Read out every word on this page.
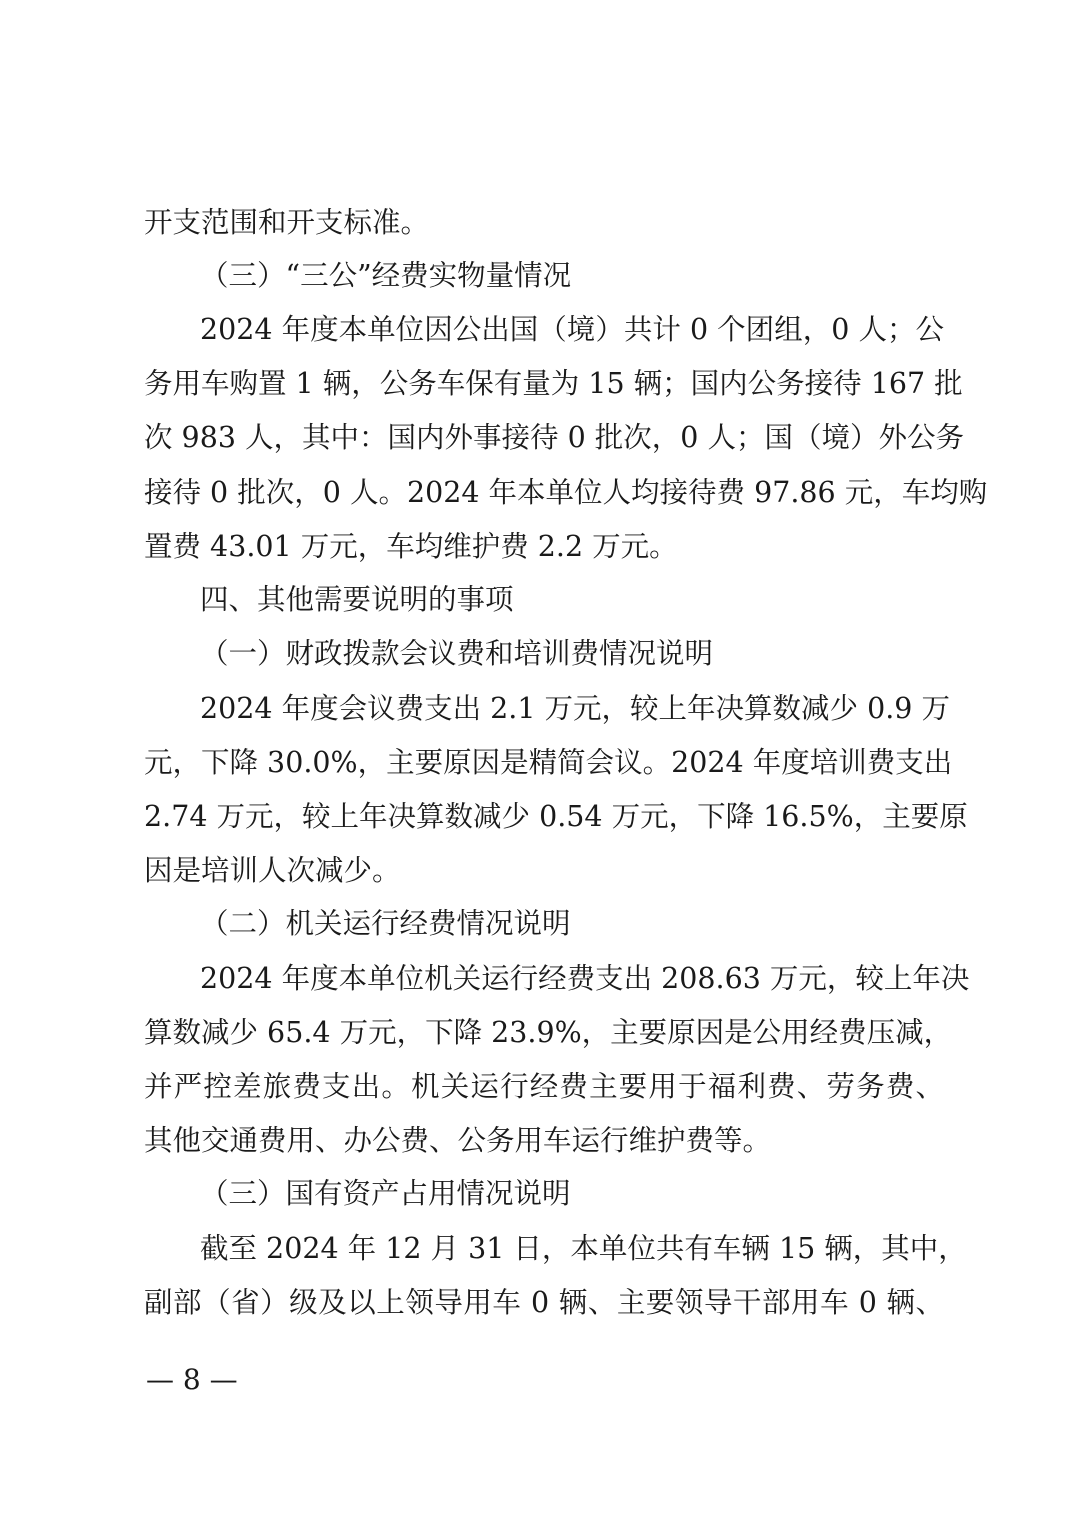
开支范围和开支标准。
（三）“三公”经费实物量情况
2024 年度本单位因公出国（境）共计 0 个团组，0 人；公
务用车购置 1 辆，公务车保有量为 15 辆；国内公务接待 167 批
次 983 人，其中：国内外事接待 0 批次，0 人；国（境）外公务
接待 0 批次，0 人。2024 年本单位人均接待费 97.86 元，车均购
置费 43.01 万元，车均维护费 2.2 万元。
四、其他需要说明的事项
（一）财政拨款会议费和培训费情况说明
2024 年度会议费支出 2.1 万元，较上年决算数减少 0.9 万
元，下降 30.0%，主要原因是精简会议。2024 年度培训费支出
2.74 万元，较上年决算数减少 0.54 万元，下降 16.5%，主要原
因是培训人次减少。
（二）机关运行经费情况说明
2024 年度本单位机关运行经费支出 208.63 万元，较上年决
算数减少 65.4 万元，下降 23.9%，主要原因是公用经费压减，
并严控差旅费支出。机关运行经费主要用于福利费、劳务费、
其他交通费用、办公费、公务用车运行维护费等。
（三）国有资产占用情况说明
截至 2024 年 12 月 31 日，本单位共有车辆 15 辆，其中，
副部（省）级及以上领导用车 0 辆、主要领导干部用车 0 辆、
— 8 —
